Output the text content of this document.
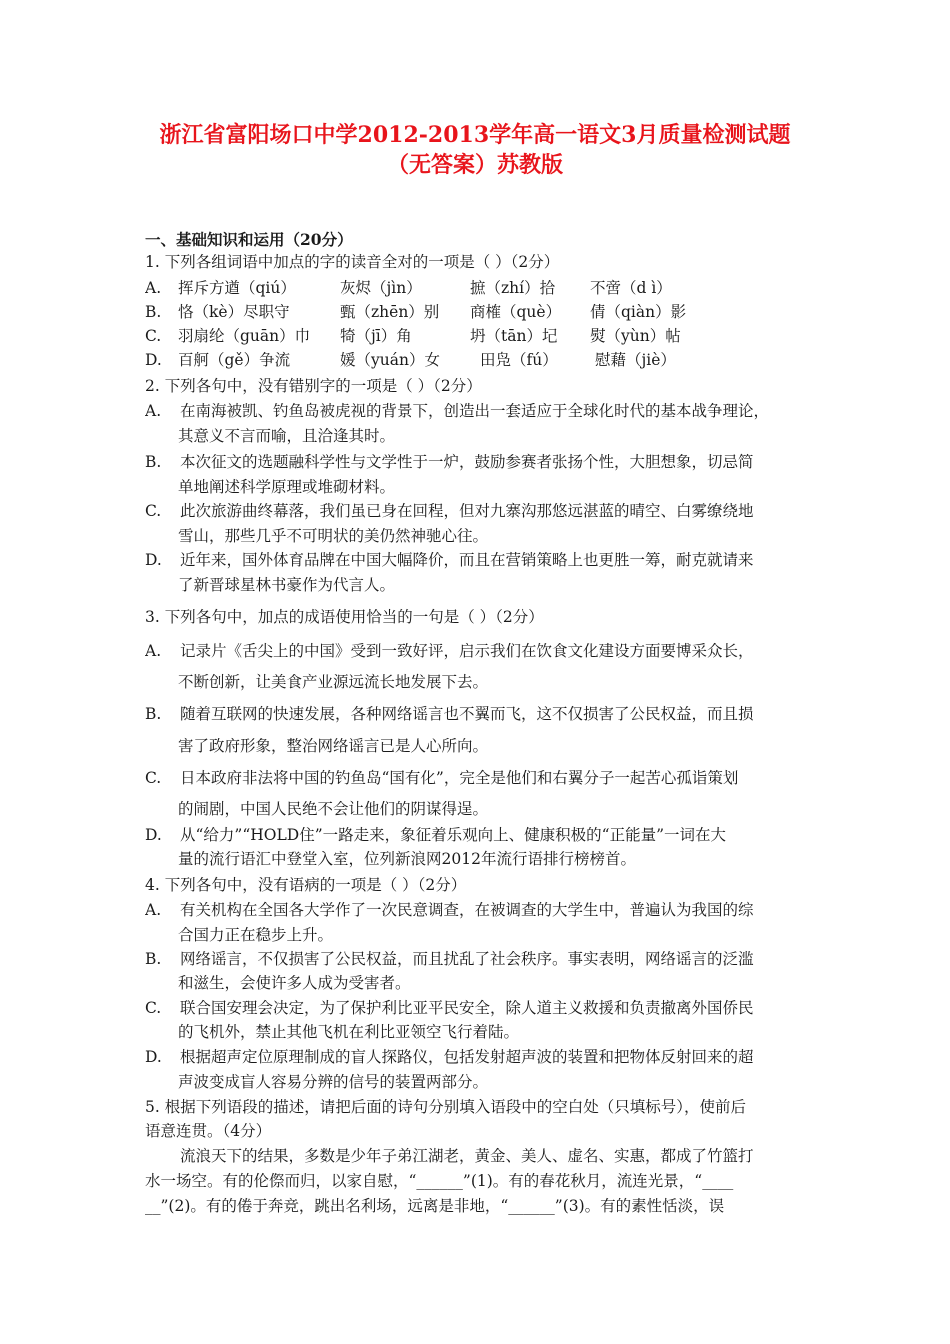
浙江省富阳场口中学2012-2013学年高一语文3月质量检测试题
（无答案）苏教版
一、基础知识和运用（20分）
1. 下列各组词语中加点的字的读音全对的一项是（ ）（2分）
A. 挥斥方遒（qiú）	灰烬（jìn）	摭（zhí）拾 不啻（d ì）
B. 恪（kè）尽职守	甄（zhēn）别 商榷（què） 倩（qiàn）影
C. 羽扇纶（guān）巾 犄（jī）角	坍（tān）圮 熨（yùn）帖
D. 百舸（gě）争流	媛（yuán）女	田凫（fú） 慰藉（jiè）
2. 下列各句中，没有错别字的一项是（ ）（2分）
A. 在南海被凯、钓鱼岛被虎视的背景下，创造出一套适应于全球化时代的基本战争理论，
其意义不言而喻，且洽逢其时。
B. 本次征文的选题融科学性与文学性于一炉，鼓励参赛者张扬个性，大胆想象，切忌简
单地阐述科学原理或堆砌材料。
C. 此次旅游曲终幕落，我们虽已身在回程，但对九寨沟那悠远湛蓝的晴空、白雾缭绕地
雪山，那些几乎不可明状的美仍然神驰心往。
D. 近年来，国外体育品牌在中国大幅降价，而且在营销策略上也更胜一筹，耐克就请来
了新晋球星林书豪作为代言人。
3. 下列各句中，加点的成语使用恰当的一句是（ ）（2分）
A. 记录片《舌尖上的中国》受到一致好评，启示我们在饮食文化建设方面要博采众长，
不断创新，让美食产业源远流长地发展下去。
B. 随着互联网的快速发展，各种网络谣言也不翼而飞，这不仅损害了公民权益，而且损
害了政府形象，整治网络谣言已是人心所向。
C. 日本政府非法将中国的钓鱼岛“国有化”，完全是他们和右翼分子一起苦心孤诣策划
的闹剧，中国人民绝不会让他们的阴谋得逞。
D. 从“给力”“HOLD住”一路走来，象征着乐观向上、健康积极的“正能量”一词在大
量的流行语汇中登堂入室，位列新浪网2012年流行语排行榜榜首。
4. 下列各句中，没有语病的一项是（ ）（2分）
A. 有关机构在全国各大学作了一次民意调查，在被调查的大学生中，普遍认为我国的综
合国力正在稳步上升。
B. 网络谣言，不仅损害了公民权益，而且扰乱了社会秩序。事实表明，网络谣言的泛滥
和滋生，会使许多人成为受害者。
C. 联合国安理会决定，为了保护利比亚平民安全，除人道主义救援和负责撤离外国侨民
的飞机外，禁止其他飞机在利比亚领空飞行着陆。
D. 根据超声定位原理制成的盲人探路仪，包括发射超声波的装置和把物体反射回来的超
声波变成盲人容易分辨的信号的装置两部分。
5. 根据下列语段的描述，请把后面的诗句分别填入语段中的空白处（只填标号），使前后
语意连贯。（4分）
流浪天下的结果，多数是少年子弟江湖老，黄金、美人、虚名、实惠，都成了竹篮打
水一场空。有的伦傺而归，以家自慰，“______”(1)。有的春花秋月，流连光景，“____
__”(2)。有的倦于奔竞，跳出名利场，远离是非地，“______”(3)。有的素性恬淡，误
